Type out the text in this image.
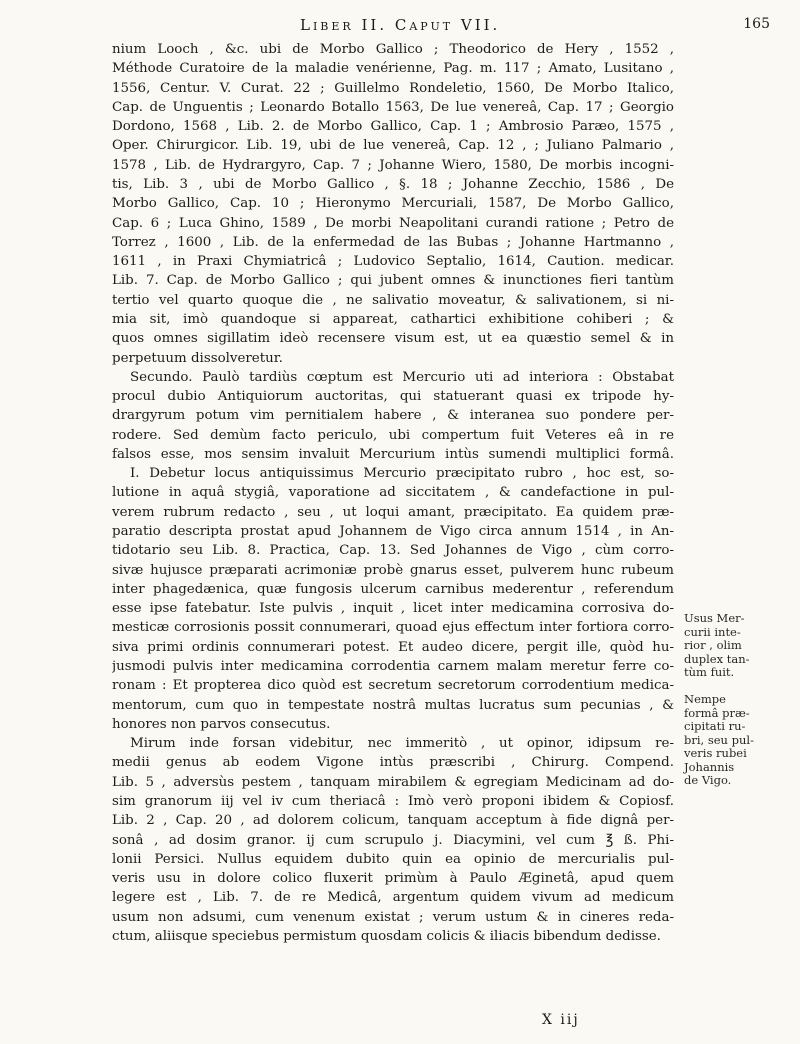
Liber II. Caput VII.	165
nium Looch , &c. ubi de Morbo Gallico ; Theodorico de Hery , 1552 ,
Méthode Curatoire de la maladie venérienne, Pag. m. 117 ; Amato, Lusitano ,
1556, Centur. V. Curat. 22 ; Guillelmo Rondeletio, 1560, De Morbo Italico,
Cap. de Unguentis ; Leonardo Botallo 1563, De lue venereâ, Cap. 17 ; Georgio
Dordono, 1568 , Lib. 2. de Morbo Gallico, Cap. 1 ; Ambrosio Paræo, 1575 ,
Oper. Chirurgicor. Lib. 19, ubi de lue venereâ, Cap. 12 , ; Juliano Palmario ,
1578 , Lib. de Hydrargyro, Cap. 7 ; Johanne Wiero, 1580, De morbis incogni-
tis, Lib. 3 , ubi de Morbo Gallico , §. 18 ; Johanne Zecchio, 1586 , De
Morbo Gallico, Cap. 10 ; Hieronymo Mercuriali, 1587, De Morbo Gallico,
Cap. 6 ; Luca Ghino, 1589 , De morbi Neapolitani curandi ratione ; Petro de
Torrez , 1600 , Lib. de la enfermedad de las Bubas ; Johanne Hartmanno ,
1611 , in Praxi Chymiatricâ ; Ludovico Septalio, 1614, Caution. medicar.
Lib. 7. Cap. de Morbo Gallico ; qui jubent omnes & inunctiones fieri tantùm
tertio vel quarto quoque die , ne salivatio moveatur, & salivationem, si ni-
mia sit, imò quandoque si appareat, cathartici exhibitione cohiberi ; &
quos omnes sigillatim ideò recensere visum est, ut ea quæstio semel & in
perpetuum dissolveretur.
Secundo. Paulò tardiùs cœptum est Mercurio uti ad interiora : Obstabat
procul dubio Antiquiorum auctoritas, qui statuerant quasi ex tripode hy-
drargyrum potum vim pernitialem habere , & interanea suo pondere per-
rodere. Sed demùm facto periculo, ubi compertum fuit Veteres eâ in re
falsos esse, mos sensim invaluit Mercurium intùs sumendi multiplici formâ.
I. Debetur locus antiquissimus Mercurio præcipitato rubro , hoc est, so-
lutione in aquâ stygiâ, vaporatione ad siccitatem , & candefactione in pul-
verem rubrum redacto , seu , ut loqui amant, præcipitato. Ea quidem præ-
paratio descripta prostat apud Johannem de Vigo circa annum 1514 , in An-
tidotario seu Lib. 8. Practica, Cap. 13. Sed Johannes de Vigo , cùm corro-
sivæ hujusce præparati acrimoniæ probè gnarus esset, pulverem hunc rubeum
inter phagedænica, quæ fungosis ulcerum carnibus mederentur , referendum
esse ipse fatebatur. Iste pulvis , inquit , licet inter medicamina corrosiva do-
mesticæ corrosionis possit connumerari, quoad ejus effectum inter fortiora corro-
siva primi ordinis connumerari potest. Et audeo dicere, pergit ille, quòd hu-
jusmodi pulvis inter medicamina corrodentia carnem malam meretur ferre co-
ronam : Et propterea dico quòd est secretum secretorum corrodentium medica-
mentorum, cum quo in tempestate nostrâ multas lucratus sum pecunias , &
honores non parvos consecutus.
Mirum inde forsan videbitur, nec immeritò , ut opinor, idipsum re-
medii genus ab eodem Vigone intùs præscribi , Chirurg. Compend.
Lib. 5 , adversùs pestem , tanquam mirabilem & egregiam Medicinam ad do-
sim granorum iij vel iv cum theriacâ : Imò verò proponi ibidem & Copiosf.
Lib. 2 , Cap. 20 , ad dolorem colicum, tanquam acceptum à fide dignâ per-
sonâ , ad dosim granor. ij cum scrupulo j. Diacymini, vel cum ℥ ß. Phi-
lonii Persici. Nullus equidem dubito quin ea opinio de mercurialis pul-
veris usu in dolore colico fluxerit primùm à Paulo Æginetâ, apud quem
legere est , Lib. 7. de re Medicâ, argentum quidem vivum ad medicum
usum non adsumi, cum venenum existat ; verum ustum & in cineres reda-
ctum, aliisque speciebus permistum quosdam colicis & iliacis bibendum dedisse.
Usus Mer-
curii inte-
rior , olim
duplex tan-
tùm fuit.
Nempe
formâ præ-
cipitati ru-
bri, seu pul-
veris rubei
Johannis
de Vigo.
X iij
